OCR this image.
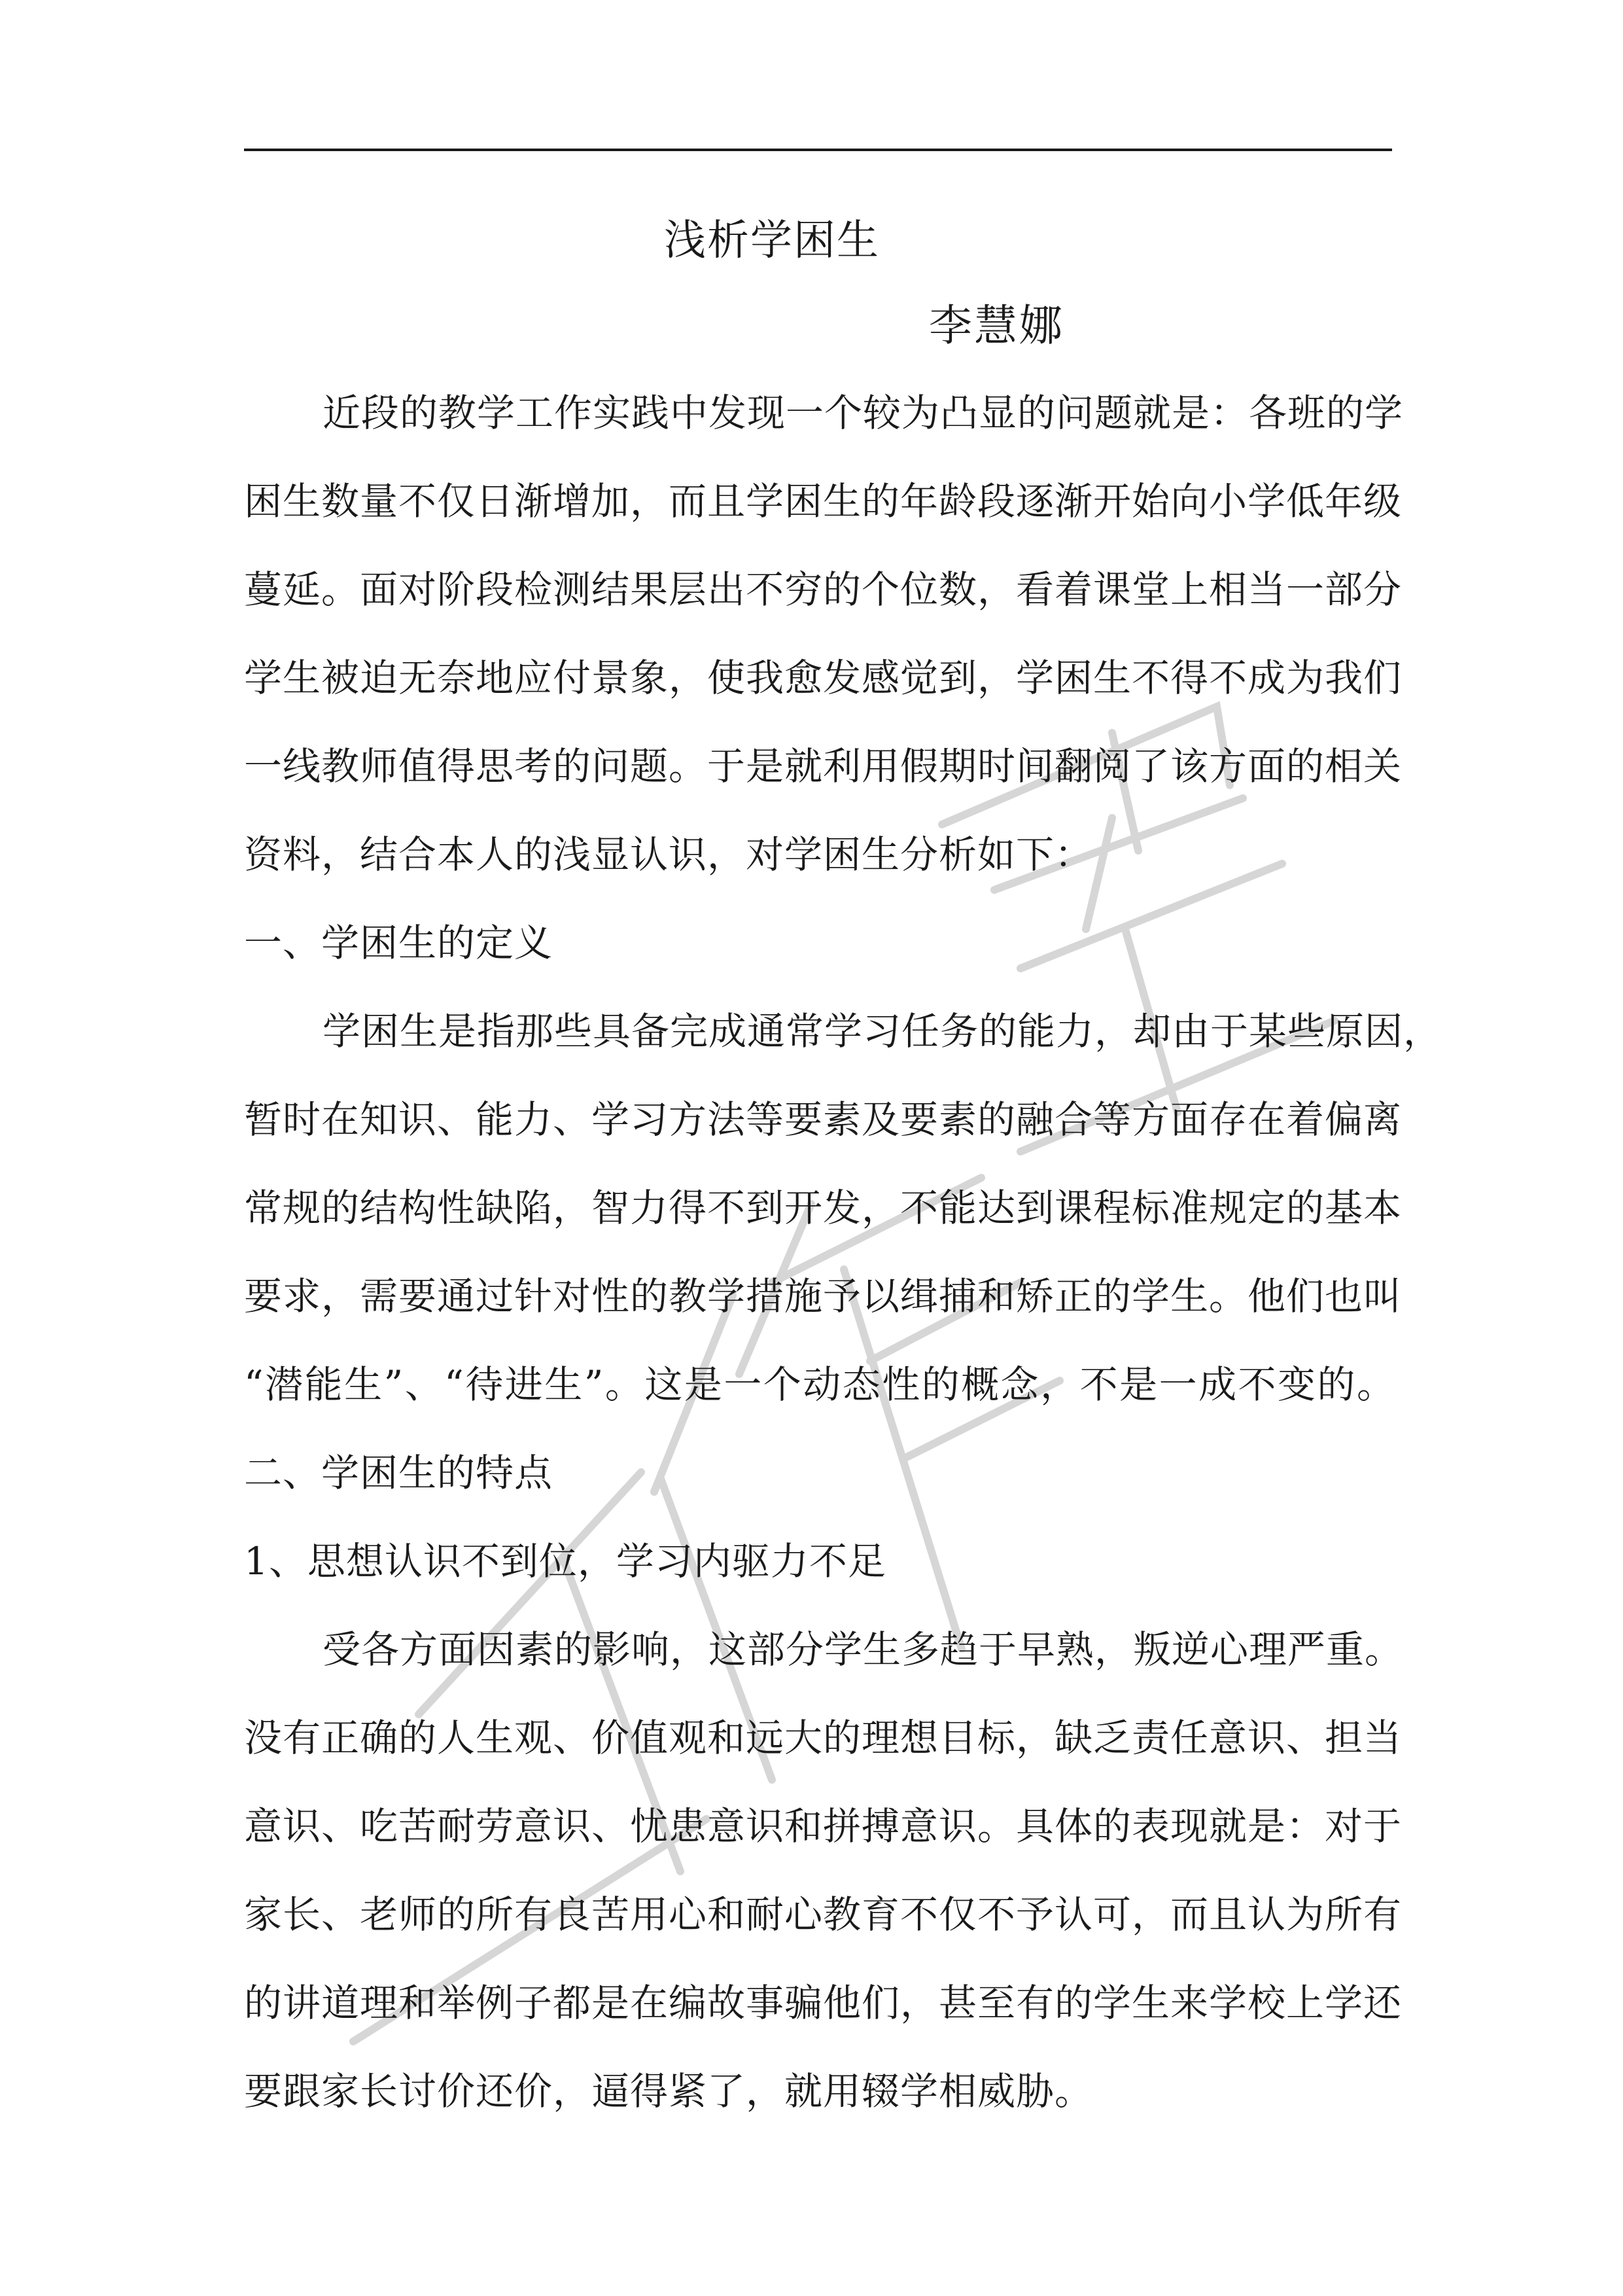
浅析学困生
李慧娜
近段的教学工作实践中发现一个较为凸显的问题就是：各班的学
困生数量不仅日渐增加，而且学困生的年龄段逐渐开始向小学低年级
蔓延。面对阶段检测结果层出不穷的个位数，看着课堂上相当一部分
学生被迫无奈地应付景象，使我愈发感觉到，学困生不得不成为我们
一线教师值得思考的问题。于是就利用假期时间翻阅了该方面的相关
资料，结合本人的浅显认识，对学困生分析如下：
一、学困生的定义
学困生是指那些具备完成通常学习任务的能力，却由于某些原因，
暂时在知识、能力、学习方法等要素及要素的融合等方面存在着偏离
常规的结构性缺陷，智力得不到开发，不能达到课程标准规定的基本
要求，需要通过针对性的教学措施予以缉捕和矫正的学生。他们也叫
“潜能生”、“待进生”。这是一个动态性的概念，不是一成不变的。
二、学困生的特点
1、思想认识不到位，学习内驱力不足
受各方面因素的影响，这部分学生多趋于早熟，叛逆心理严重。
没有正确的人生观、价值观和远大的理想目标，缺乏责任意识、担当
意识、吃苦耐劳意识、忧患意识和拼搏意识。具体的表现就是：对于
家长、老师的所有良苦用心和耐心教育不仅不予认可，而且认为所有
的讲道理和举例子都是在编故事骗他们，甚至有的学生来学校上学还
要跟家长讨价还价，逼得紧了，就用辍学相威胁。
